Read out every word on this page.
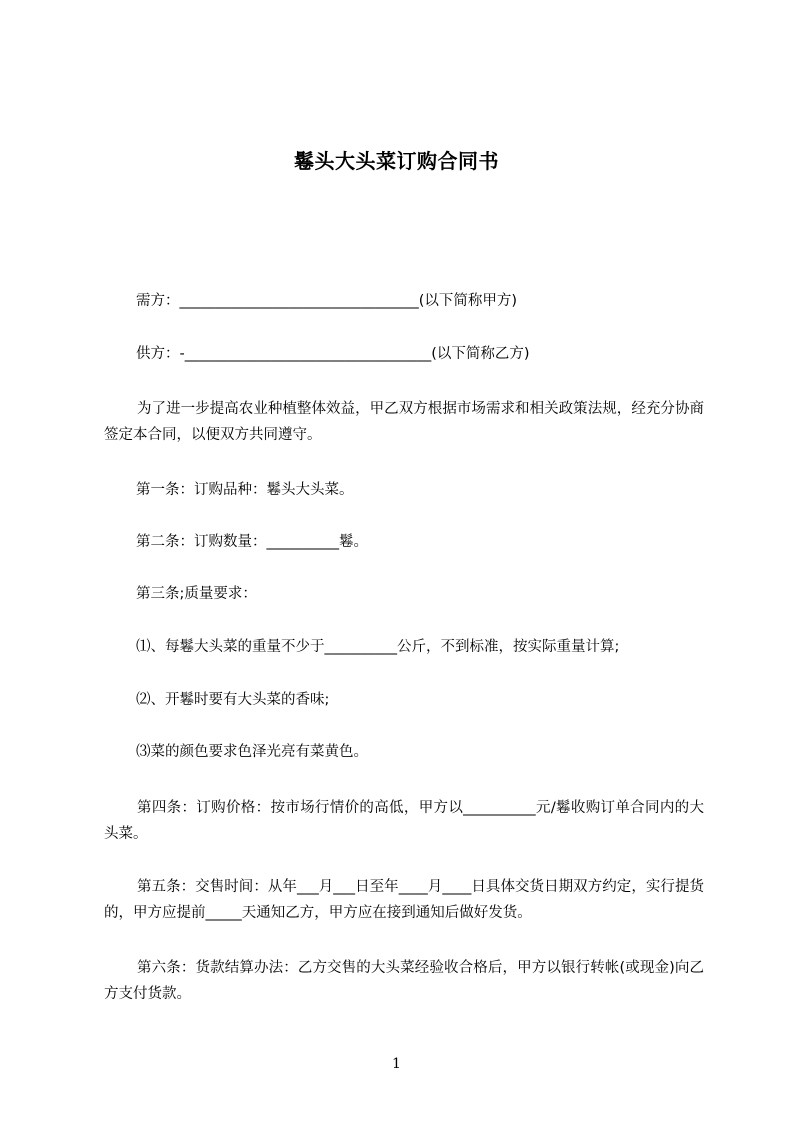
鬈头大头菜订购合同书
需方：_________________________________(以下简称甲方)
供方：-__________________________________(以下简称乙方)
为了进一步提高农业种植整体效益，甲乙双方根据市场需求和相关政策法规，经充分协商签定本合同，以便双方共同遵守。
第一条：订购品种：鬈头大头菜。
第二条：订购数量：__________鬈。
第三条;质量要求：
⑴、每鬈大头菜的重量不少于__________公斤，不到标准，按实际重量计算;
⑵、开鬈时要有大头菜的香味;
⑶菜的颜色要求色泽光亮有菜黄色。
第四条：订购价格：按市场行情价的高低，甲方以__________元/鬈收购订单合同内的大头菜。
第五条：交售时间：从年___月___日至年____月____日具体交货日期双方约定，实行提货的，甲方应提前_____天通知乙方，甲方应在接到通知后做好发货。
第六条：货款结算办法：乙方交售的大头菜经验收合格后，甲方以银行转帐(或现金)向乙方支付货款。
1
